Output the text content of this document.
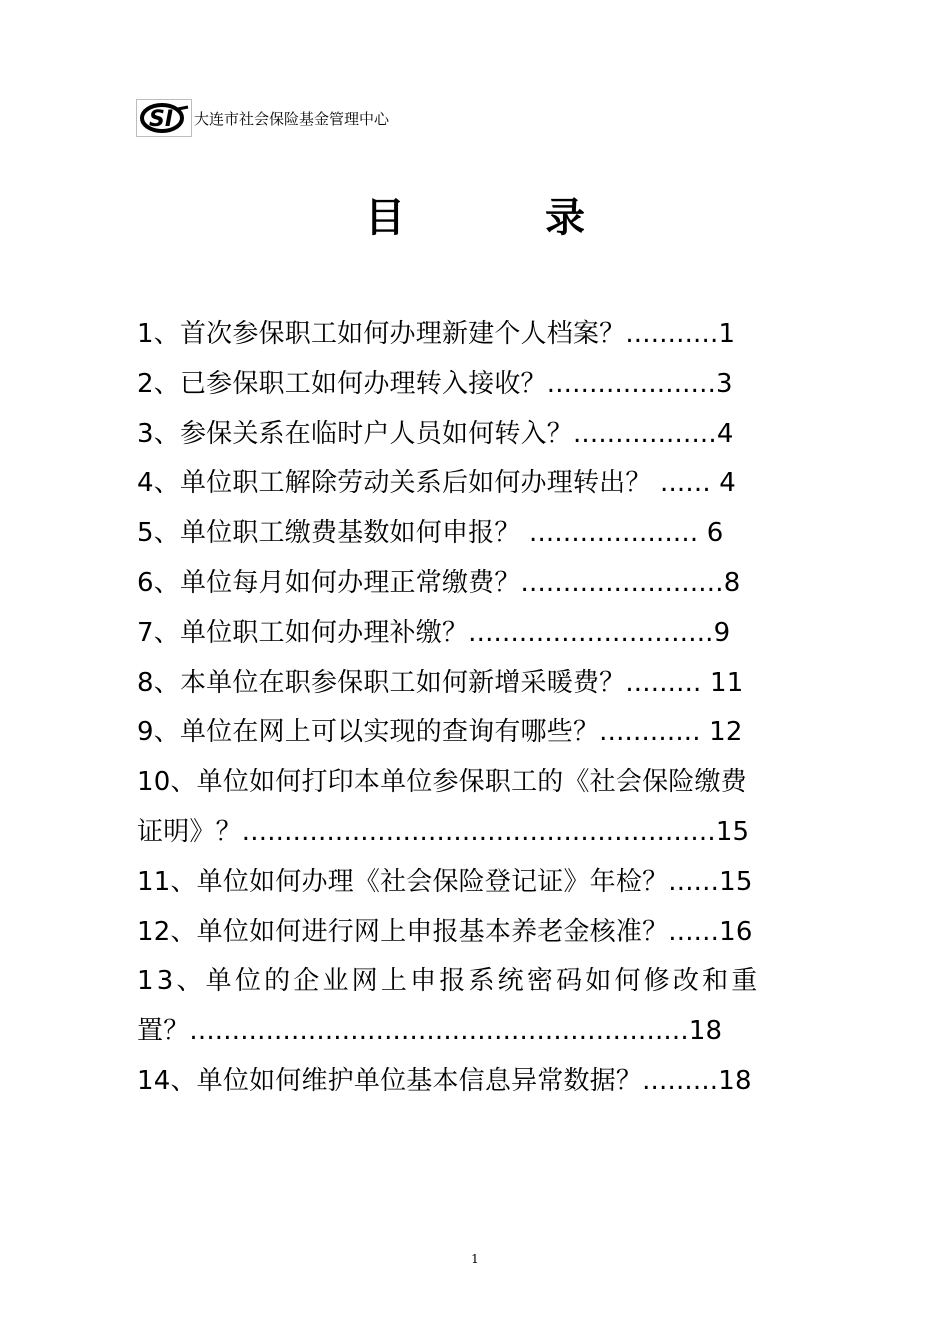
SI 大连市社会保险基金管理中心
目	录
1、首次参保职工如何办理新建个人档案？...........1
2、已参保职工如何办理转入接收？....................3
3、参保关系在临时户人员如何转入？.................4
4、单位职工解除劳动关系后如何办理转出？ ...... 4
5、单位职工缴费基数如何申报？ .................... 6
6、单位每月如何办理正常缴费？........................8
7、单位职工如何办理补缴？.............................9
8、本单位在职参保职工如何新增采暖费？......... 11
9、单位在网上可以实现的查询有哪些？............ 12
10、单位如何打印本单位参保职工的《社会保险缴费
证明》？........................................................15
11、单位如何办理《社会保险登记证》年检？......15
12、单位如何进行网上申报基本养老金核准？......16
13、单位的企业网上申报系统密码如何修改和重
置？...........................................................18
14、单位如何维护单位基本信息异常数据？.........18
1
